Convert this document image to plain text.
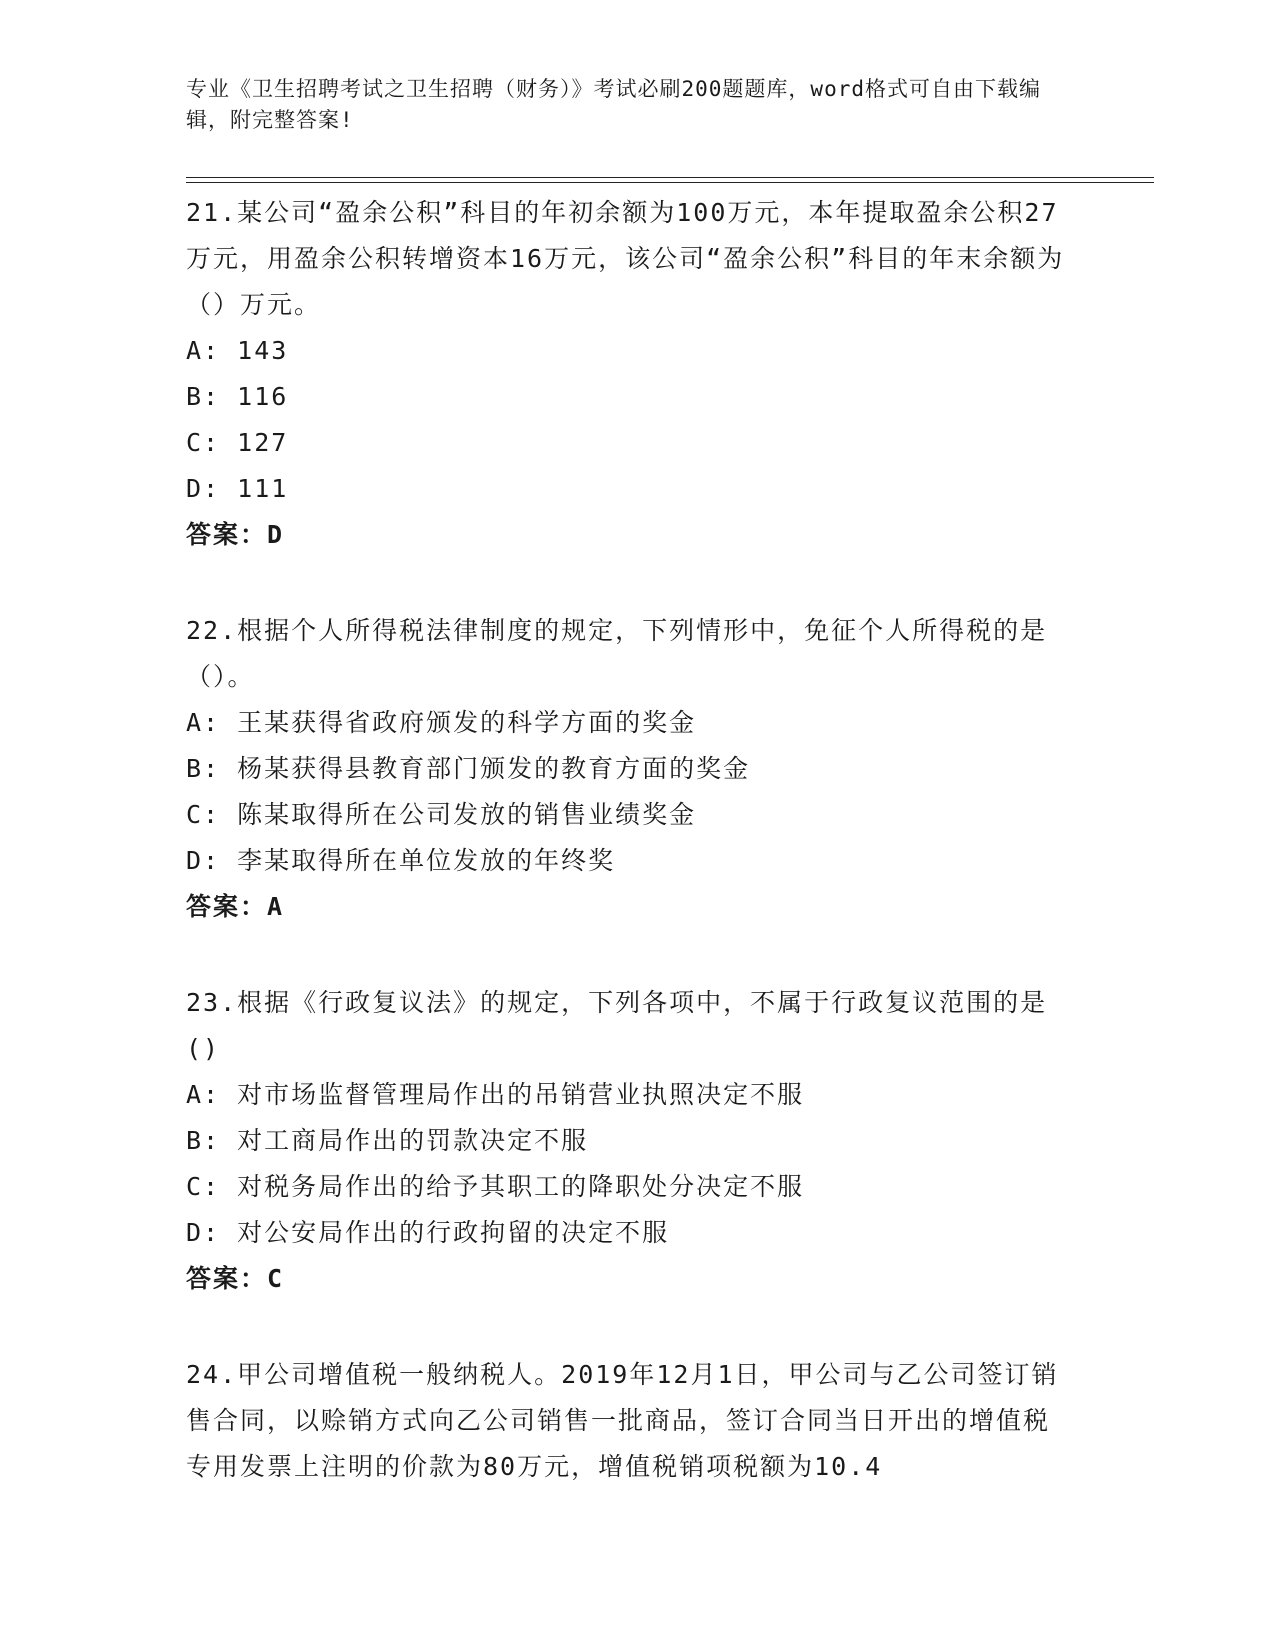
专业《卫生招聘考试之卫生招聘（财务）》考试必刷200题题库，word格式可自由下载编辑，附完整答案!

21.某公司“盈余公积”科目的年初余额为100万元，本年提取盈余公积27万元，用盈余公积转增资本16万元，该公司“盈余公积”科目的年末余额为（）万元。

A: 143

B: 116

C: 127

D: 111

答案：D

22.根据个人所得税法律制度的规定，下列情形中，免征个人所得税的是（）。

A: 王某获得省政府颁发的科学方面的奖金

B: 杨某获得县教育部门颁发的教育方面的奖金

C: 陈某取得所在公司发放的销售业绩奖金

D: 李某取得所在单位发放的年终奖

答案：A

23.根据《行政复议法》的规定，下列各项中，不属于行政复议范围的是()

A: 对市场监督管理局作出的吊销营业执照决定不服

B: 对工商局作出的罚款决定不服

C: 对税务局作出的给予其职工的降职处分决定不服

D: 对公安局作出的行政拘留的决定不服

答案：C

24.甲公司增值税一般纳税人。2019年12月1日，甲公司与乙公司签订销售合同，以赊销方式向乙公司销售一批商品，签订合同当日开出的增值税专用发票上注明的价款为80万元，增值税销项税额为10.4
